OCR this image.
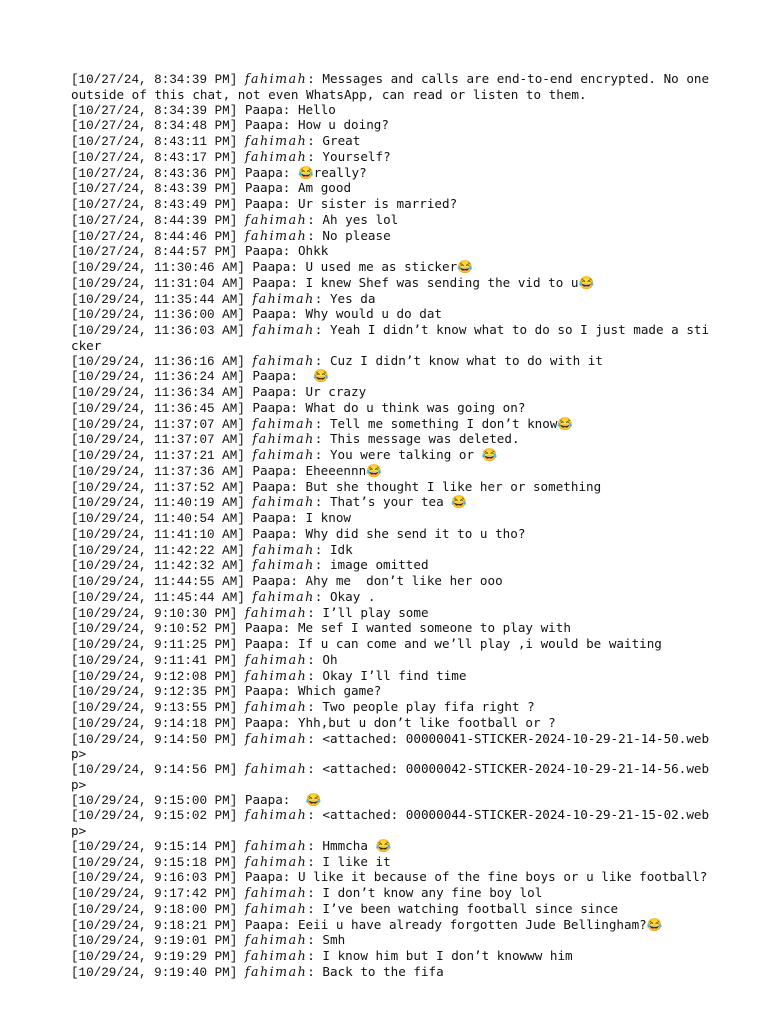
[10/27/24, 8:34:39 PM] 𝑓𝑎ℎ𝑖𝑚𝑎ℎ: Messages and calls are end-to-end encrypted. No one outside of this chat, not even WhatsApp, can read or listen to them.
[10/27/24, 8:34:39 PM] Paapa: Hello
[10/27/24, 8:34:48 PM] Paapa: How u doing?
[10/27/24, 8:43:11 PM] 𝑓𝑎ℎ𝑖𝑚𝑎ℎ: Great
[10/27/24, 8:43:17 PM] 𝑓𝑎ℎ𝑖𝑚𝑎ℎ: Yourself?
[10/27/24, 8:43:36 PM] Paapa: 😂really?
[10/27/24, 8:43:39 PM] Paapa: Am good
[10/27/24, 8:43:49 PM] Paapa: Ur sister is married?
[10/27/24, 8:44:39 PM] 𝑓𝑎ℎ𝑖𝑚𝑎ℎ: Ah yes lol
[10/27/24, 8:44:46 PM] 𝑓𝑎ℎ𝑖𝑚𝑎ℎ: No please
[10/27/24, 8:44:57 PM] Paapa: Ohkk
[10/29/24, 11:30:46 AM] Paapa: U used me as sticker😂
[10/29/24, 11:31:04 AM] Paapa: I knew Shef was sending the vid to u😂
[10/29/24, 11:35:44 AM] 𝑓𝑎ℎ𝑖𝑚𝑎ℎ: Yes da
[10/29/24, 11:36:00 AM] Paapa: Why would u do dat
[10/29/24, 11:36:03 AM] 𝑓𝑎ℎ𝑖𝑚𝑎ℎ: Yeah I didn’t know what to do so I just made a sticker
[10/29/24, 11:36:16 AM] 𝑓𝑎ℎ𝑖𝑚𝑎ℎ: Cuz I didn’t know what to do with it
[10/29/24, 11:36:24 AM] Paapa:  😂
[10/29/24, 11:36:34 AM] Paapa: Ur crazy
[10/29/24, 11:36:45 AM] Paapa: What do u think was going on?
[10/29/24, 11:37:07 AM] 𝑓𝑎ℎ𝑖𝑚𝑎ℎ: Tell me something I don’t know😂
[10/29/24, 11:37:07 AM] 𝑓𝑎ℎ𝑖𝑚𝑎ℎ: This message was deleted.
[10/29/24, 11:37:21 AM] 𝑓𝑎ℎ𝑖𝑚𝑎ℎ: You were talking or 😂
[10/29/24, 11:37:36 AM] Paapa: Eheeennn😂
[10/29/24, 11:37:52 AM] Paapa: But she thought I like her or something
[10/29/24, 11:40:19 AM] 𝑓𝑎ℎ𝑖𝑚𝑎ℎ: That’s your tea 😂
[10/29/24, 11:40:54 AM] Paapa: I know
[10/29/24, 11:41:10 AM] Paapa: Why did she send it to u tho?
[10/29/24, 11:42:22 AM] 𝑓𝑎ℎ𝑖𝑚𝑎ℎ: Idk
[10/29/24, 11:42:32 AM] 𝑓𝑎ℎ𝑖𝑚𝑎ℎ: image omitted
[10/29/24, 11:44:55 AM] Paapa: Ahy me  don’t like her ooo
[10/29/24, 11:45:44 AM] 𝑓𝑎ℎ𝑖𝑚𝑎ℎ: Okay .
[10/29/24, 9:10:30 PM] 𝑓𝑎ℎ𝑖𝑚𝑎ℎ: I’ll play some
[10/29/24, 9:10:52 PM] Paapa: Me sef I wanted someone to play with
[10/29/24, 9:11:25 PM] Paapa: If u can come and we’ll play ,i would be waiting
[10/29/24, 9:11:41 PM] 𝑓𝑎ℎ𝑖𝑚𝑎ℎ: Oh
[10/29/24, 9:12:08 PM] 𝑓𝑎ℎ𝑖𝑚𝑎ℎ: Okay I’ll find time
[10/29/24, 9:12:35 PM] Paapa: Which game?
[10/29/24, 9:13:55 PM] 𝑓𝑎ℎ𝑖𝑚𝑎ℎ: Two people play fifa right ?
[10/29/24, 9:14:18 PM] Paapa: Yhh,but u don’t like football or ?
[10/29/24, 9:14:50 PM] 𝑓𝑎ℎ𝑖𝑚𝑎ℎ: <attached: 00000041-STICKER-2024-10-29-21-14-50.webp>
[10/29/24, 9:14:56 PM] 𝑓𝑎ℎ𝑖𝑚𝑎ℎ: <attached: 00000042-STICKER-2024-10-29-21-14-56.webp>
[10/29/24, 9:15:00 PM] Paapa:  😂
[10/29/24, 9:15:02 PM] 𝑓𝑎ℎ𝑖𝑚𝑎ℎ: <attached: 00000044-STICKER-2024-10-29-21-15-02.webp>
[10/29/24, 9:15:14 PM] 𝑓𝑎ℎ𝑖𝑚𝑎ℎ: Hmmcha 😂
[10/29/24, 9:15:18 PM] 𝑓𝑎ℎ𝑖𝑚𝑎ℎ: I like it
[10/29/24, 9:16:03 PM] Paapa: U like it because of the fine boys or u like football?
[10/29/24, 9:17:42 PM] 𝑓𝑎ℎ𝑖𝑚𝑎ℎ: I don’t know any fine boy lol
[10/29/24, 9:18:00 PM] 𝑓𝑎ℎ𝑖𝑚𝑎ℎ: I’ve been watching football since since
[10/29/24, 9:18:21 PM] Paapa: Eeii u have already forgotten Jude Bellingham?😂
[10/29/24, 9:19:01 PM] 𝑓𝑎ℎ𝑖𝑚𝑎ℎ: Smh
[10/29/24, 9:19:29 PM] 𝑓𝑎ℎ𝑖𝑚𝑎ℎ: I know him but I don’t knowww him
[10/29/24, 9:19:40 PM] 𝑓𝑎ℎ𝑖𝑚𝑎ℎ: Back to the fifa
